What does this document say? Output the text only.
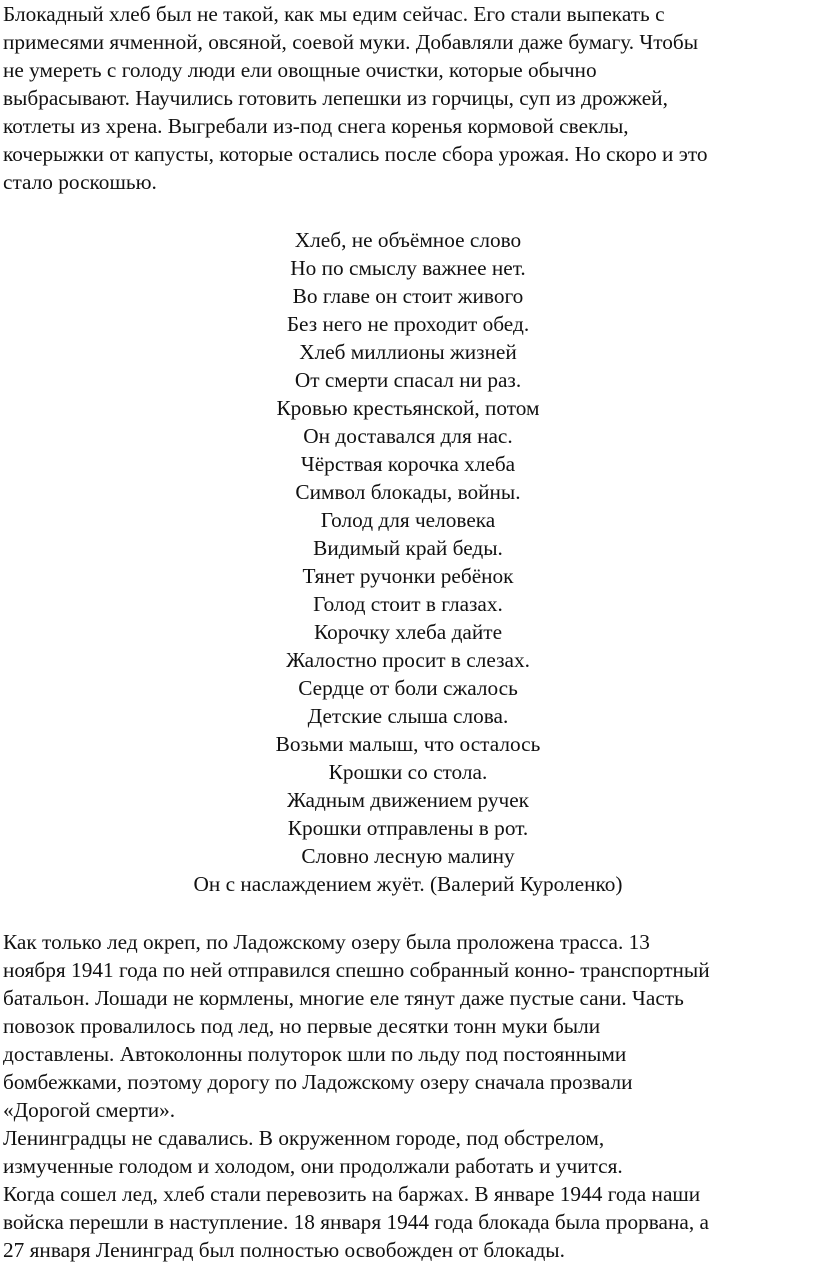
Блокадный хлеб был не такой, как мы едим сейчас. Его стали выпекать с
примесями ячменной, овсяной, соевой муки. Добавляли даже бумагу. Чтобы
не умереть с голоду люди ели овощные очистки, которые обычно
выбрасывают. Научились готовить лепешки из горчицы, суп из дрожжей,
котлеты из хрена. Выгребали из-под снега коренья кормовой свеклы,
кочерыжки от капусты, которые остались после сбора урожая. Но скоро и это
стало роскошью.

Хлеб, не объёмное слово
Но по смыслу важнее нет.
Во главе он стоит живого
Без него не проходит обед.
Хлеб миллионы жизней
От смерти спасал ни раз.
Кровью крестьянской, потом
Он доставался для нас.
Чёрствая корочка хлеба
Символ блокады, войны.
Голод для человека
Видимый край беды.
Тянет ручонки ребёнок
Голод стоит в глазах.
Корочку хлеба дайте
Жалостно просит в слезах.
Сердце от боли сжалось
Детские слыша слова.
Возьми малыш, что осталось
Крошки со стола.
Жадным движением ручек
Крошки отправлены в рот.
Словно лесную малину
Он с наслаждением жуёт. (Валерий Куроленко)

Как только лед окреп, по Ладожскому озеру была проложена трасса. 13
ноября 1941 года по ней отправился спешно собранный конно- транспортный
батальон. Лошади не кормлены, многие еле тянут даже пустые сани. Часть
повозок провалилось под лед, но первые десятки тонн муки были
доставлены. Автоколонны полуторок шли по льду под постоянными
бомбежками, поэтому дорогу по Ладожскому озеру сначала прозвали
«Дорогой смерти».

Ленинградцы не сдавались. В окруженном городе, под обстрелом,
измученные голодом и холодом, они продолжали работать и учится.

Когда сошел лед, хлеб стали перевозить на баржах. В январе 1944 года наши
войска перешли в наступление. 18 января 1944 года блокада была прорвана, а
27 января Ленинград был полностью освобожден от блокады.
